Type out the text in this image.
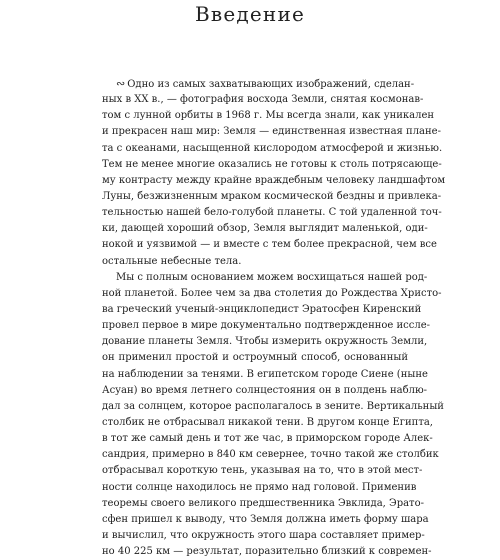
Введение
∾ Одно из самых захватывающих изображений, сделан-
ных в XX в., — фотография восхода Земли, снятая космонав-
том с лунной орбиты в 1968 г. Мы всегда знали, как уникален
и прекрасен наш мир: Земля — единственная известная плане-
та с океанами, насыщенной кислородом атмосферой и жизнью.
Тем не менее многие оказались не готовы к столь потрясающе-
му контрасту между крайне враждебным человеку ландшафтом
Луны, безжизненным мраком космической бездны и привлека-
тельностью нашей бело-голубой планеты. С той удаленной точ-
ки, дающей хороший обзор, Земля выглядит маленькой, оди-
нокой и уязвимой — и вместе с тем более прекрасной, чем все
остальные небесные тела.
Мы с полным основанием можем восхищаться нашей род-
ной планетой. Более чем за два столетия до Рождества Христо-
ва греческий ученый-энциклопедист Эратосфен Киренский
провел первое в мире документально подтвержденное иссле-
дование планеты Земля. Чтобы измерить окружность Земли,
он применил простой и остроумный способ, основанный
на наблюдении за тенями. В египетском городе Сиене (ныне
Асуан) во время летнего солнцестояния он в полдень наблю-
дал за солнцем, которое располагалось в зените. Вертикальный
столбик не отбрасывал никакой тени. В другом конце Египта,
в тот же самый день и тот же час, в приморском городе Алек-
сандрия, примерно в 840 км севернее, точно такой же столбик
отбрасывал короткую тень, указывая на то, что в этой мест-
ности солнце находилось не прямо над головой. Применив
теоремы своего великого предшественника Эвклида, Эрато-
сфен пришел к выводу, что Земля должна иметь форму шара
и вычислил, что окружность этого шара составляет пример-
но 40 225 км — результат, поразительно близкий к современ-
